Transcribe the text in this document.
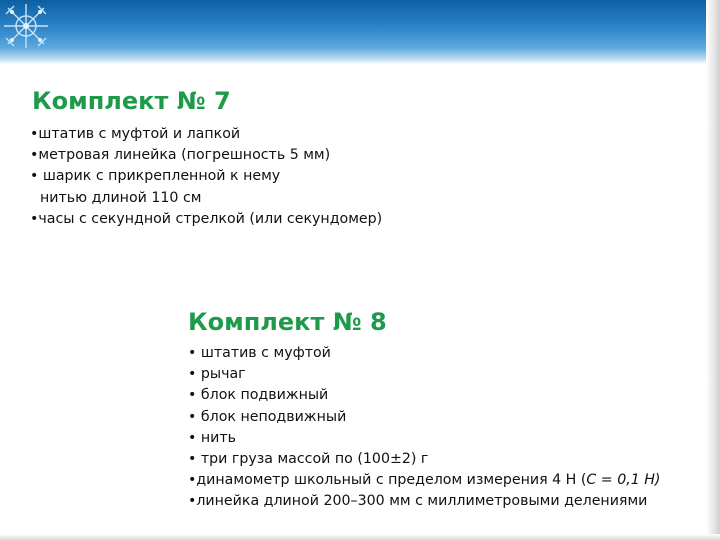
Комплект № 7
•штатив с муфтой и лапкой
•метровая линейка (погрешность 5 мм)
• шарик с прикрепленной к нему
нитью длиной 110 см
•часы с секундной стрелкой (или секундомер)
Комплект № 8
• штатив с муфтой
• рычаг
• блок подвижный
• блок неподвижный
• нить
• три груза массой по (100±2) г
•динамометр школьный с пределом измерения 4 Н (С = 0,1 Н)
•линейка длиной 200–300 мм с миллиметровыми делениями
